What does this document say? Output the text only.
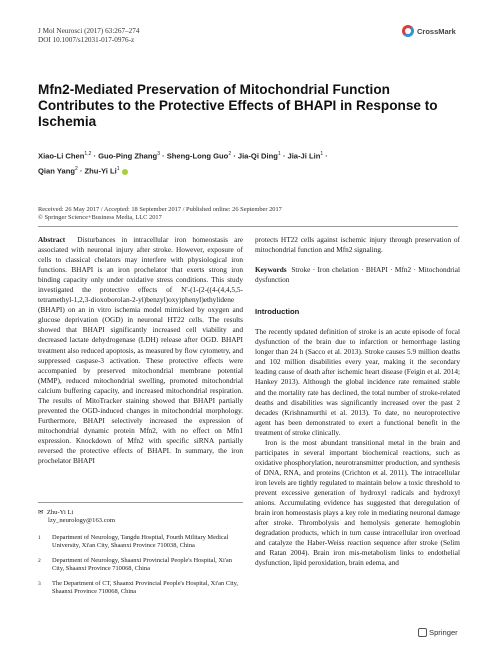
J Mol Neurosci (2017) 63:267–274
DOI 10.1007/s12031-017-0976-z
CrossMark
Mfn2-Mediated Preservation of Mitochondrial Function Contributes to the Protective Effects of BHAPI in Response to Ischemia
Xiao-Li Chen$^{1,2}$ · Guo-Ping Zhang$^3$ · Sheng-Long Guo$^2$ · Jia-Qi Ding$^1$ · Jia-Ji Lin$^1$ ·
Qian Yang$^2$ · Zhu-Yi Li$^1$
Received: 26 May 2017 / Accepted: 18 September 2017 / Published online: 26 September 2017
© Springer Science+Business Media, LLC 2017

Abstract Disturbances in intracellular iron homeostasis are associated with neuronal injury after stroke. However, exposure of cells to classical chelators may interfere with physiological iron functions. BHAPI is an iron prochelator that exerts strong iron binding capacity only under oxidative stress conditions. This study investigated the protective effects of N'-(1-(2-((4-(4,4,5,5-tetramethyl-1,2,3-dioxoborolan-2-yl)benzyl)oxy)phenyl)ethylidene (BHAPI) on an in vitro ischemia model mimicked by oxygen and glucose deprivation (OGD) in neuronal HT22 cells. The results showed that BHAPI significantly increased cell viability and decreased lactate dehydrogenase (LDH) release after OGD. BHAPI treatment also reduced apoptosis, as measured by flow cytometry, and suppressed caspase-3 activation. These protective effects were accompanied by preserved mitochondrial membrane potential (MMP), reduced mitochondrial swelling, promoted mitochondrial calcium buffering capacity, and increased mitochondrial respiration. The results of MitoTracker staining showed that BHAPI partially prevented the OGD-induced changes in mitochondrial morphology. Furthermore, BHAPI selectively increased the expression of mitochondrial dynamic protein Mfn2, with no effect on Mfn1 expression. Knockdown of Mfn2 with specific siRNA partially reversed the protective effects of BHAPI. In summary, the iron prochelator BHAPI

protects HT22 cells against ischemic injury through preservation of mitochondrial function and Mfn2 signaling.

Keywords Stroke · Iron chelation · BHAPI · Mfn2 · Mitochondrial dysfunction

Introduction

The recently updated definition of stroke is an acute episode of focal dysfunction of the brain due to infarction or hemorrhage lasting longer than 24 h (Sacco et al. 2013). Stroke causes 5.9 million deaths and 102 million disabilities every year, making it the secondary leading cause of death after ischemic heart disease (Feigin et al. 2014; Hankey 2013). Although the global incidence rate remained stable and the mortality rate has declined, the total number of stroke-related deaths and disabilities was significantly increased over the past 2 decades (Krishnamurthi et al. 2013). To date, no neuroprotective agent has been demonstrated to exert a functional benefit in the treatment of stroke clinically.

Iron is the most abundant transitional metal in the brain and participates in several important biochemical reactions, such as oxidative phosphorylation, neurotransmitter production, and synthesis of DNA, RNA, and proteins (Crichton et al. 2011). The intracellular iron levels are tightly regulated to maintain below a toxic threshold to prevent excessive generation of hydroxyl radicals and hydroxyl anions. Accumulating evidence has suggested that deregulation of brain iron homeostasis plays a key role in mediating neuronal damage after stroke. Thrombolysis and hemolysis generate hemoglobin degradation products, which in turn cause intracellular iron overload and catalyze the Haber-Weiss reaction sequence after stroke (Selim and Ratan 2004). Brain iron mis-metabolism links to endothelial dysfunction, lipid peroxidation, brain edema, and

✉ Zhu-Yi Li
lzy_neurology@163.com
1	Department of Neurology, Tangdu Hospital, Fourth Military Medical University, Xi'an City, Shaanxi Province 710038, China
2	Department of Neurology, Shaanxi Provincial People's Hospital, Xi'an City, Shaanxi Province 710068, China
3	The Department of CT, Shaanxi Provincial People's Hospital, Xi'an City, Shaanxi Province 710068, China
Springer
